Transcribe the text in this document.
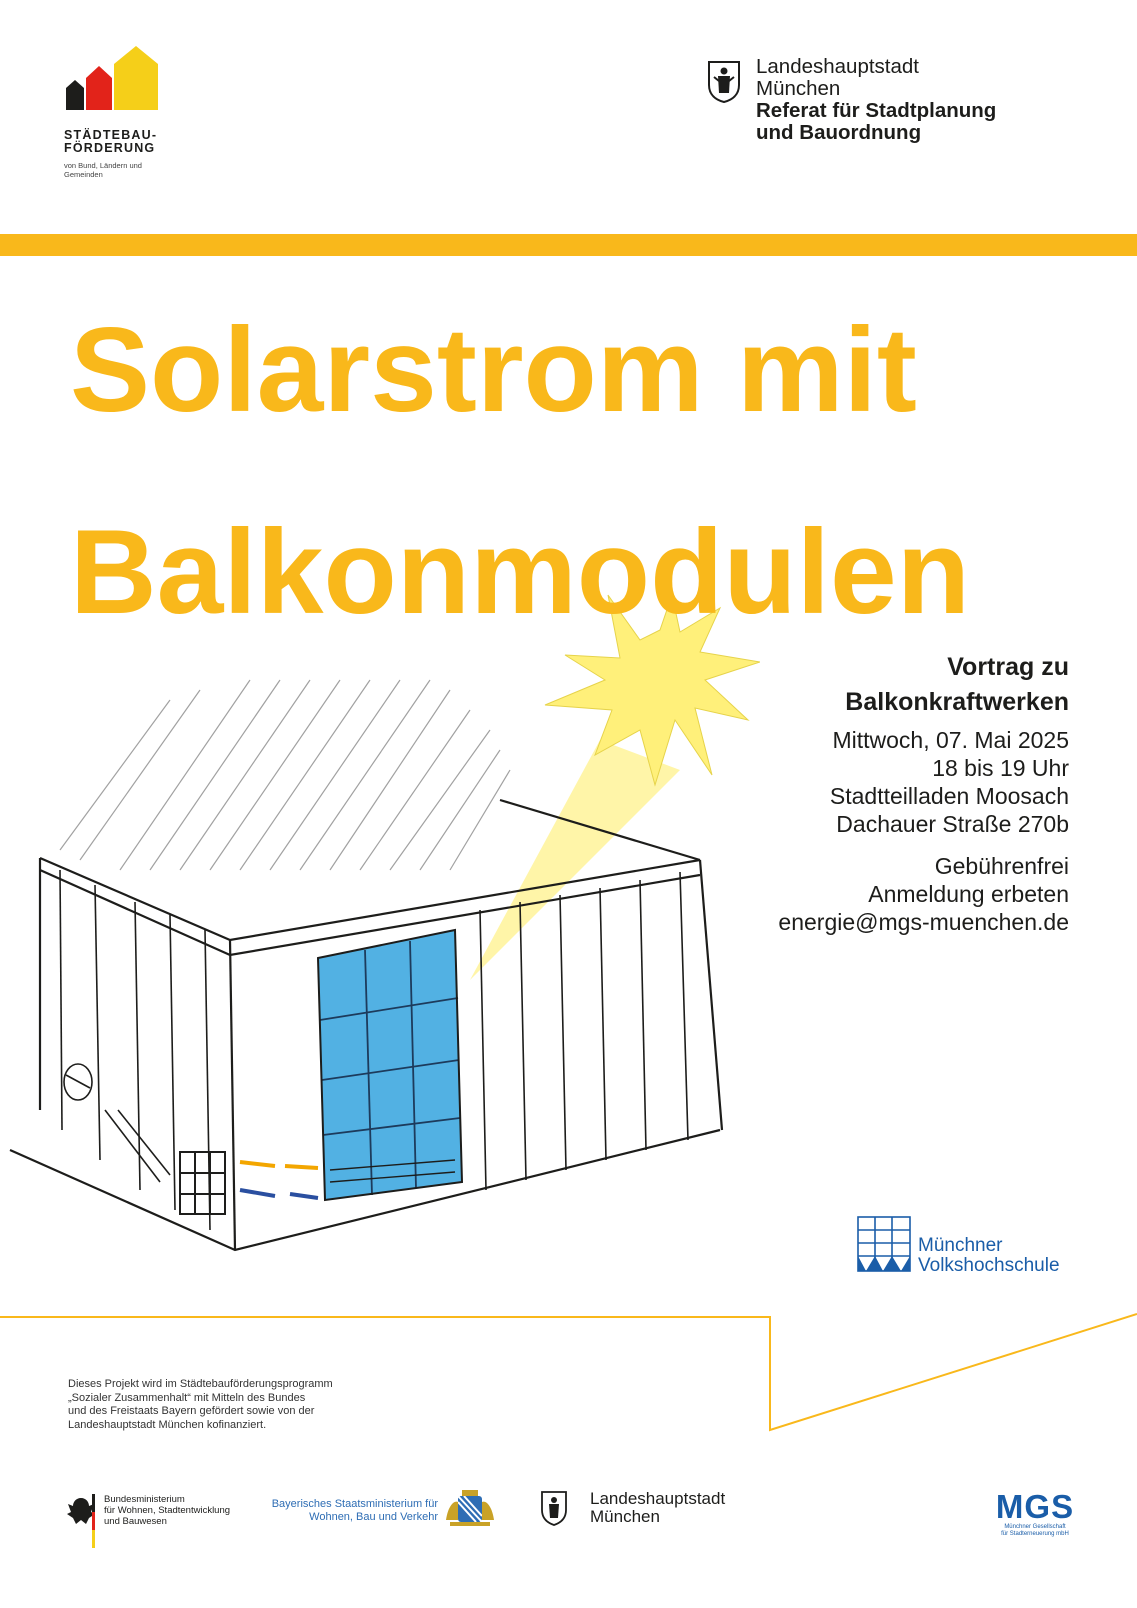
STÄDTEBAU-
FÖRDERUNG
von Bund, Ländern und
Gemeinden
Landeshauptstadt
München
Referat für Stadtplanung
und Bauordnung
Solarstrom mit
Balkonmodulen
Vortrag zu
Balkonkraftwerken
Mittwoch, 07. Mai 2025
18 bis 19 Uhr
Stadtteilladen Moosach
Dachauer Straße 270b
Gebührenfrei
Anmeldung erbeten
energie@mgs-muenchen.de
Münchner
Volkshochschule
Dieses Projekt wird im Städtebauförderungsprogramm
„Sozialer Zusammenhalt“ mit Mitteln des Bundes
und des Freistaats Bayern gefördert sowie von der
Landeshauptstadt München kofinanziert.
Bundesministerium
für Wohnen, Stadtentwicklung
und Bauwesen
Bayerisches Staatsministerium für
Wohnen, Bau und Verkehr
Landeshauptstadt
München	MGS
Münchner Gesellschaft
für Stadterneuerung mbH
